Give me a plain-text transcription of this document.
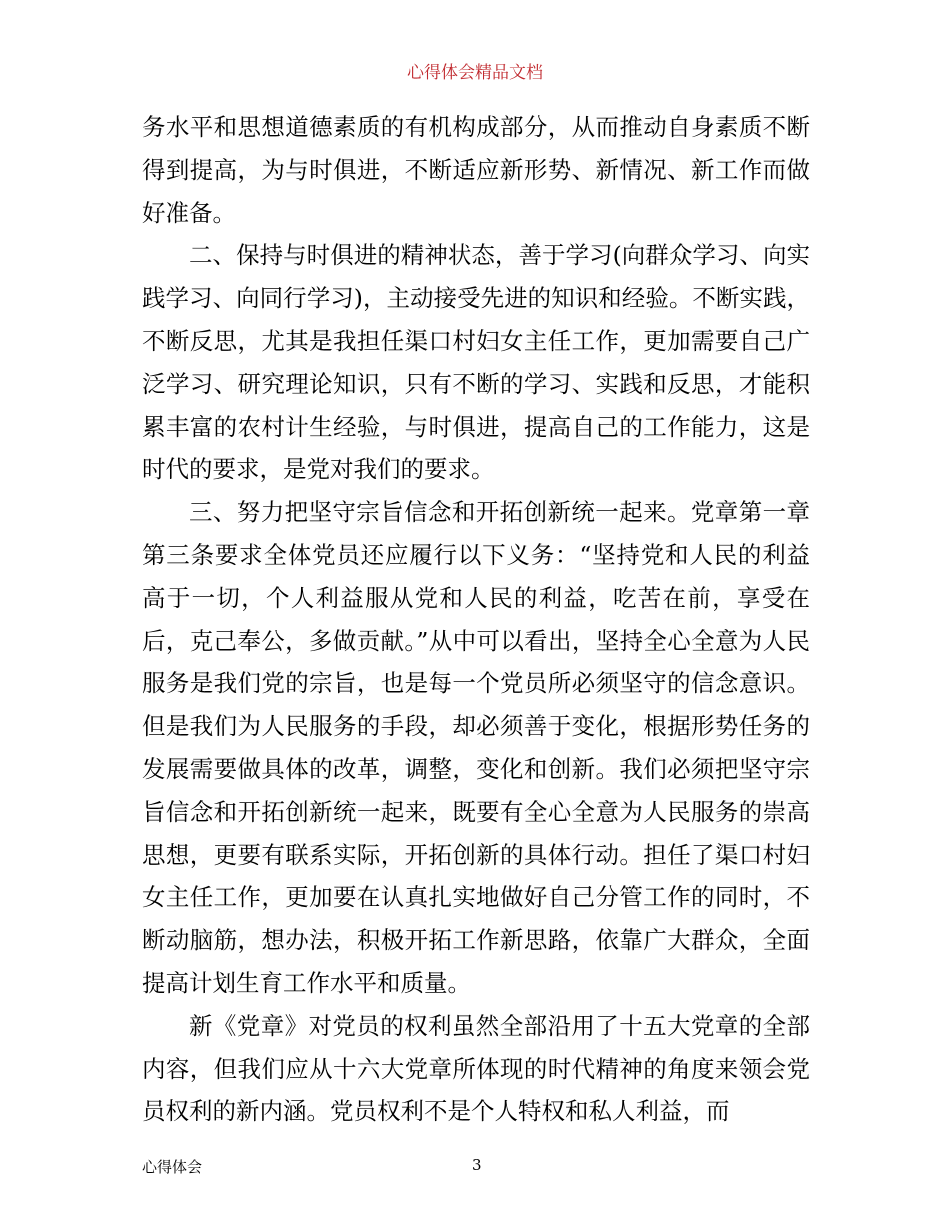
心得体会精品文档

务水平和思想道德素质的有机构成部分，从而推动自身素质不断得到提高，为与时俱进，不断适应新形势、新情况、新工作而做好准备。

二、保持与时俱进的精神状态，善于学习(向群众学习、向实践学习、向同行学习)，主动接受先进的知识和经验。不断实践，不断反思，尤其是我担任渠口村妇女主任工作，更加需要自己广泛学习、研究理论知识，只有不断的学习、实践和反思，才能积累丰富的农村计生经验，与时俱进，提高自己的工作能力，这是时代的要求，是党对我们的要求。

三、努力把坚守宗旨信念和开拓创新统一起来。党章第一章第三条要求全体党员还应履行以下义务：“坚持党和人民的利益高于一切，个人利益服从党和人民的利益，吃苦在前，享受在后，克己奉公，多做贡献。”从中可以看出，坚持全心全意为人民服务是我们党的宗旨，也是每一个党员所必须坚守的信念意识。但是我们为人民服务的手段，却必须善于变化，根据形势任务的发展需要做具体的改革，调整，变化和创新。我们必须把坚守宗旨信念和开拓创新统一起来，既要有全心全意为人民服务的崇高思想，更要有联系实际，开拓创新的具体行动。担任了渠口村妇女主任工作，更加要在认真扎实地做好自己分管工作的同时，不断动脑筋，想办法，积极开拓工作新思路，依靠广大群众，全面提高计划生育工作水平和质量。

新《党章》对党员的权利虽然全部沿用了十五大党章的全部内容，但我们应从十六大党章所体现的时代精神的角度来领会党员权利的新内涵。党员权利不是个人特权和私人利益，而

心得体会	3
